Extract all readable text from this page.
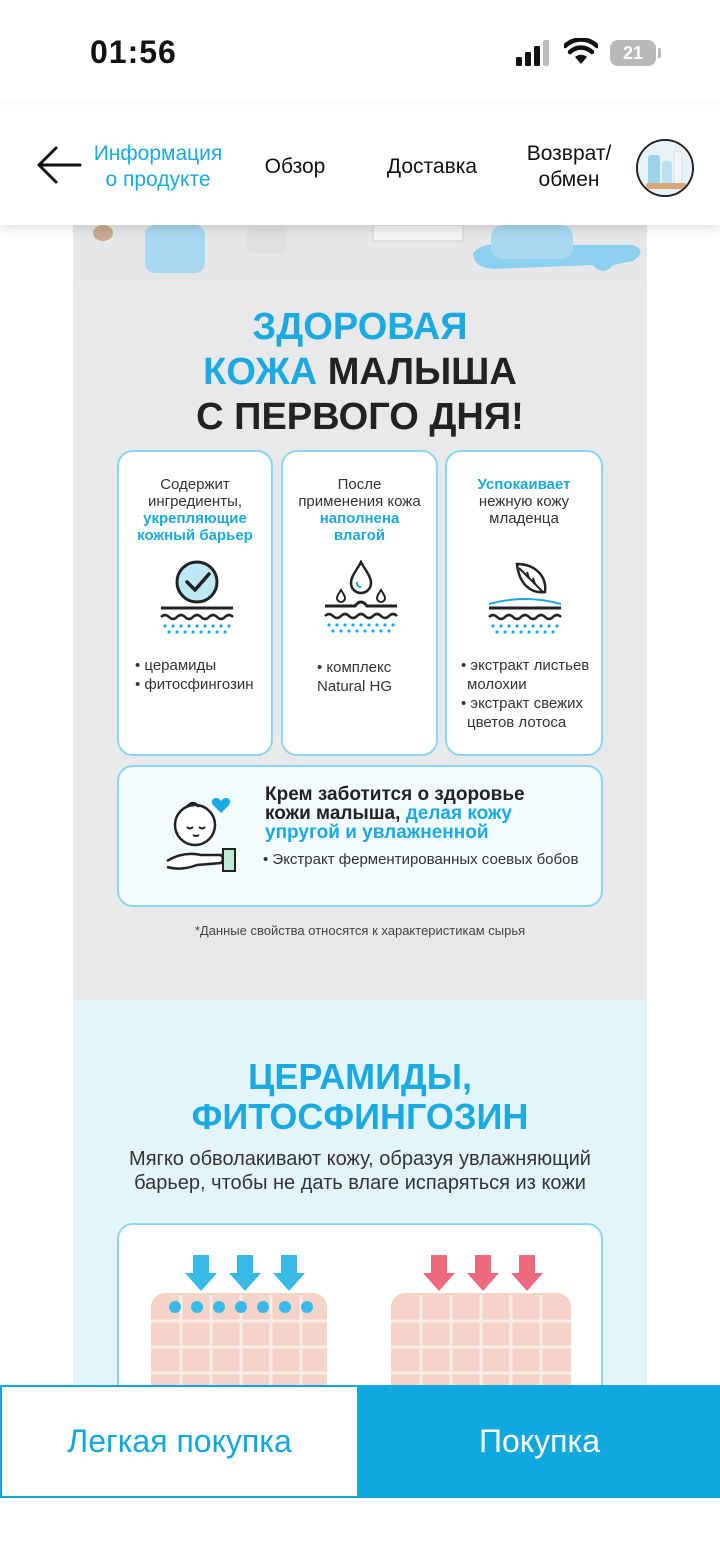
01:56	21
Информация
о продукте
Обзор	Доставка
Возврат/
обмен
ЗДОРОВАЯ
КОЖА МАЛЫША
С ПЕРВОГО ДНЯ!
Содержит
ингредиенты,
укрепляющие
кожный барьер
• церамиды
• фитосфингозин
После
применения кожа
наполнена
влагой
• комплекс
Natural HG
Успокаивает
нежную кожу
младенца
• экстракт листьев
молохии
• экстракт свежих
цветов лотоса
Крем заботится о здоровье
кожи малыша, делая кожу
упругой и увлажненной
• Экстракт ферментированных соевых бобов
*Данные свойства относятся к характеристикам сырья
ЦЕРАМИДЫ,
ФИТОСФИНГОЗИН
Мягко обволакивают кожу, образуя увлажняющий барьер, чтобы не дать влаге испаряться из кожи
Легкая покупка	Покупка
